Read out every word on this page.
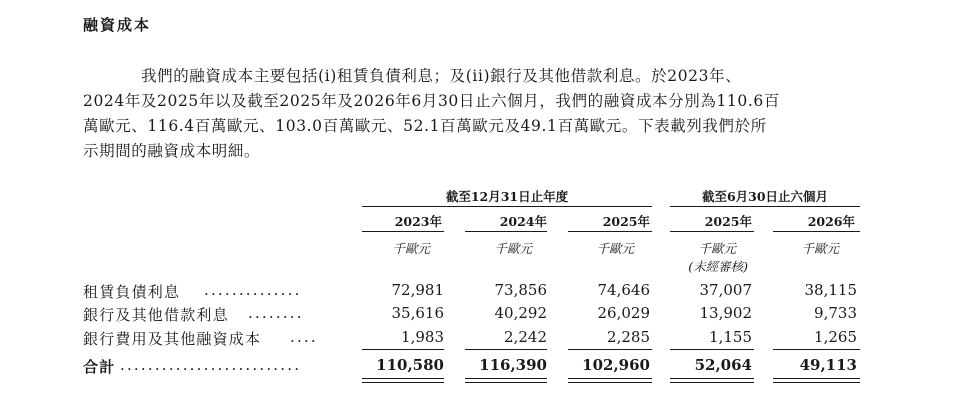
融資成本

我們的融資成本主要包括(i)租賃負債利息；及(ii)銀行及其他借款利息。於2023年、
2024年及2025年以及截至2025年及2026年6月30日止六個月，我們的融資成本分別為110.6百
萬歐元、116.4百萬歐元、103.0百萬歐元、52.1百萬歐元及49.1百萬歐元。下表載列我們於所
示期間的融資成本明細。

截至12月31日止年度	截至6月30日止六個月
2023年	2024年	2025年	2025年	2026年
千歐元	千歐元	千歐元	千歐元	千歐元
(未經審核)
租賃負債利息 ..............	72,981	73,856	74,646	37,007	38,115
銀行及其他借款利息 ........	35,616	40,292	26,029	13,902	9,733
銀行費用及其他融資成本 ....	1,983	2,242	2,285	1,155	1,265
合計 ..........................	110,580	116,390	102,960	52,064	49,113
